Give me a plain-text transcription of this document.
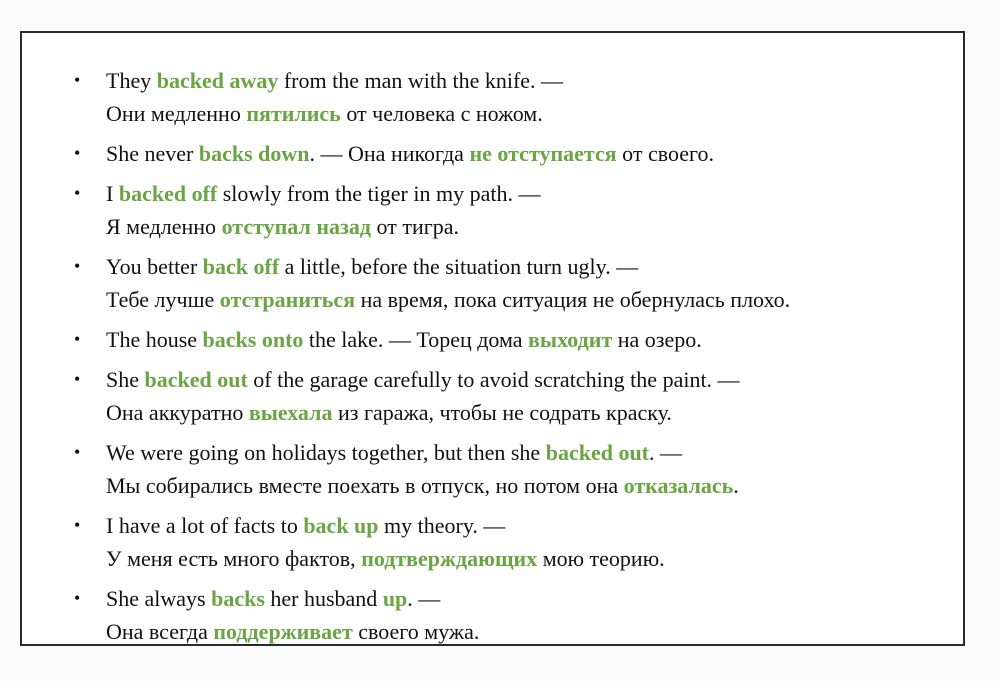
• They backed away from the man with the knife. —
Они медленно пятились от человека с ножом.
• She never backs down. — Она никогда не отступается от своего.
• I backed off slowly from the tiger in my path. —
Я медленно отступал назад от тигра.
• You better back off a little, before the situation turn ugly. —
Тебе лучше отстраниться на время, пока ситуация не обернулась плохо.
• The house backs onto the lake. — Торец дома выходит на озеро.
• She backed out of the garage carefully to avoid scratching the paint. —
Она аккуратно выехала из гаража, чтобы не содрать краску.
• We were going on holidays together, but then she backed out. —
Мы собирались вместе поехать в отпуск, но потом она отказалась.
• I have a lot of facts to back up my theory. —
У меня есть много фактов, подтверждающих мою теорию.
• She always backs her husband up. —
Она всегда поддерживает своего мужа.
